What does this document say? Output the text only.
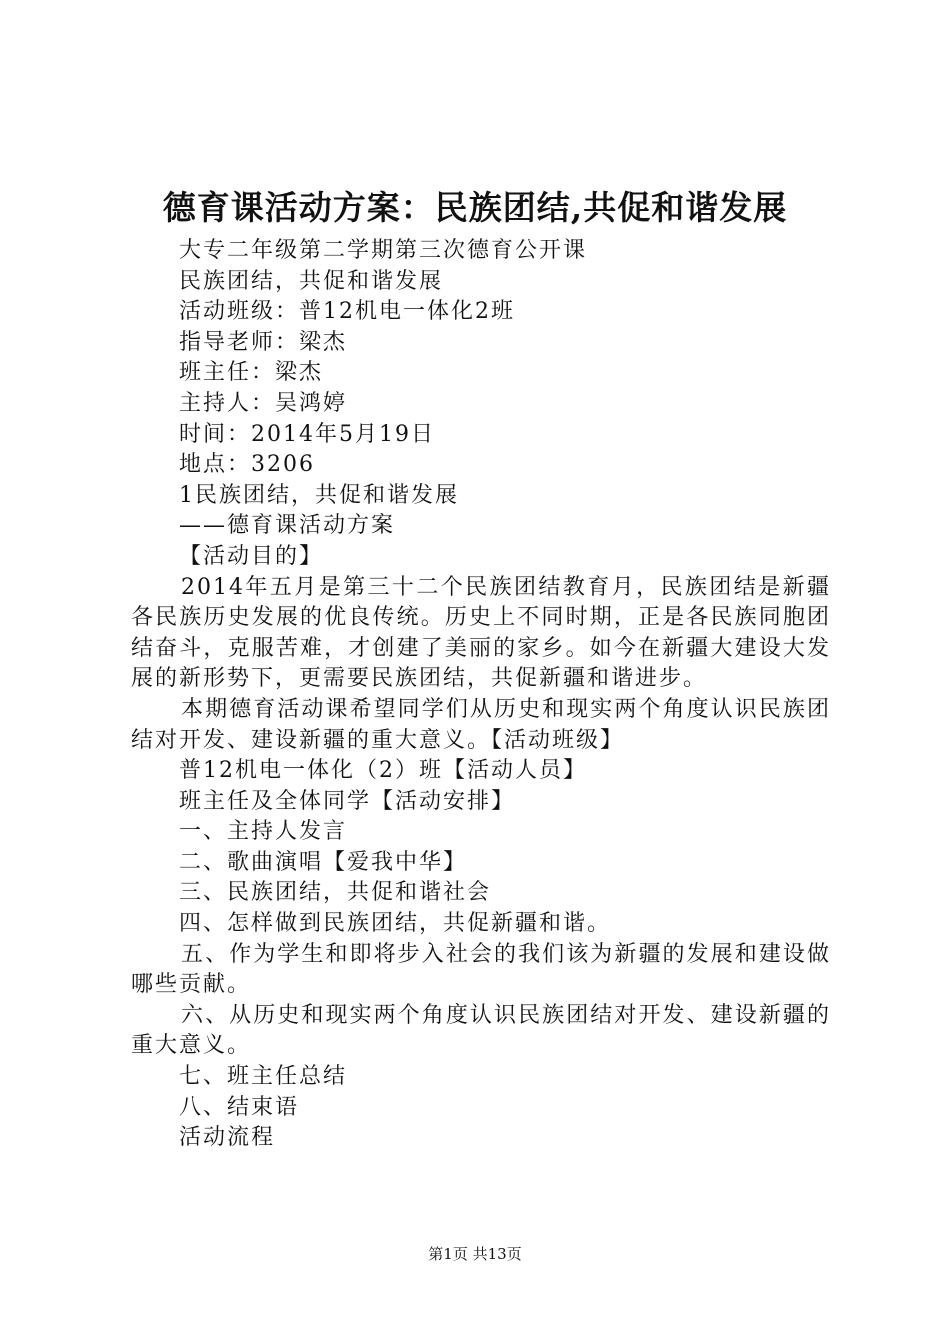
德育课活动方案：民族团结,共促和谐发展
大专二年级第二学期第三次德育公开课
民族团结，共促和谐发展
活动班级：普12机电一体化2班
指导老师：梁杰
班主任：梁杰
主持人：吴鸿婷
时间：2014年5月19日
地点：3206
1民族团结，共促和谐发展
——德育课活动方案
【活动目的】
2014年五月是第三十二个民族团结教育月，民族团结是新疆各民族历史发展的优良传统。历史上不同时期，正是各民族同胞团结奋斗，克服苦难，才创建了美丽的家乡。如今在新疆大建设大发展的新形势下，更需要民族团结，共促新疆和谐进步。
本期德育活动课希望同学们从历史和现实两个角度认识民族团结对开发、建设新疆的重大意义。【活动班级】
普12机电一体化（2）班【活动人员】
班主任及全体同学【活动安排】
一、主持人发言
二、歌曲演唱【爱我中华】
三、民族团结，共促和谐社会
四、怎样做到民族团结，共促新疆和谐。
五、作为学生和即将步入社会的我们该为新疆的发展和建设做哪些贡献。
六、从历史和现实两个角度认识民族团结对开发、建设新疆的重大意义。
七、班主任总结
八、结束语
活动流程
第1页 共13页
